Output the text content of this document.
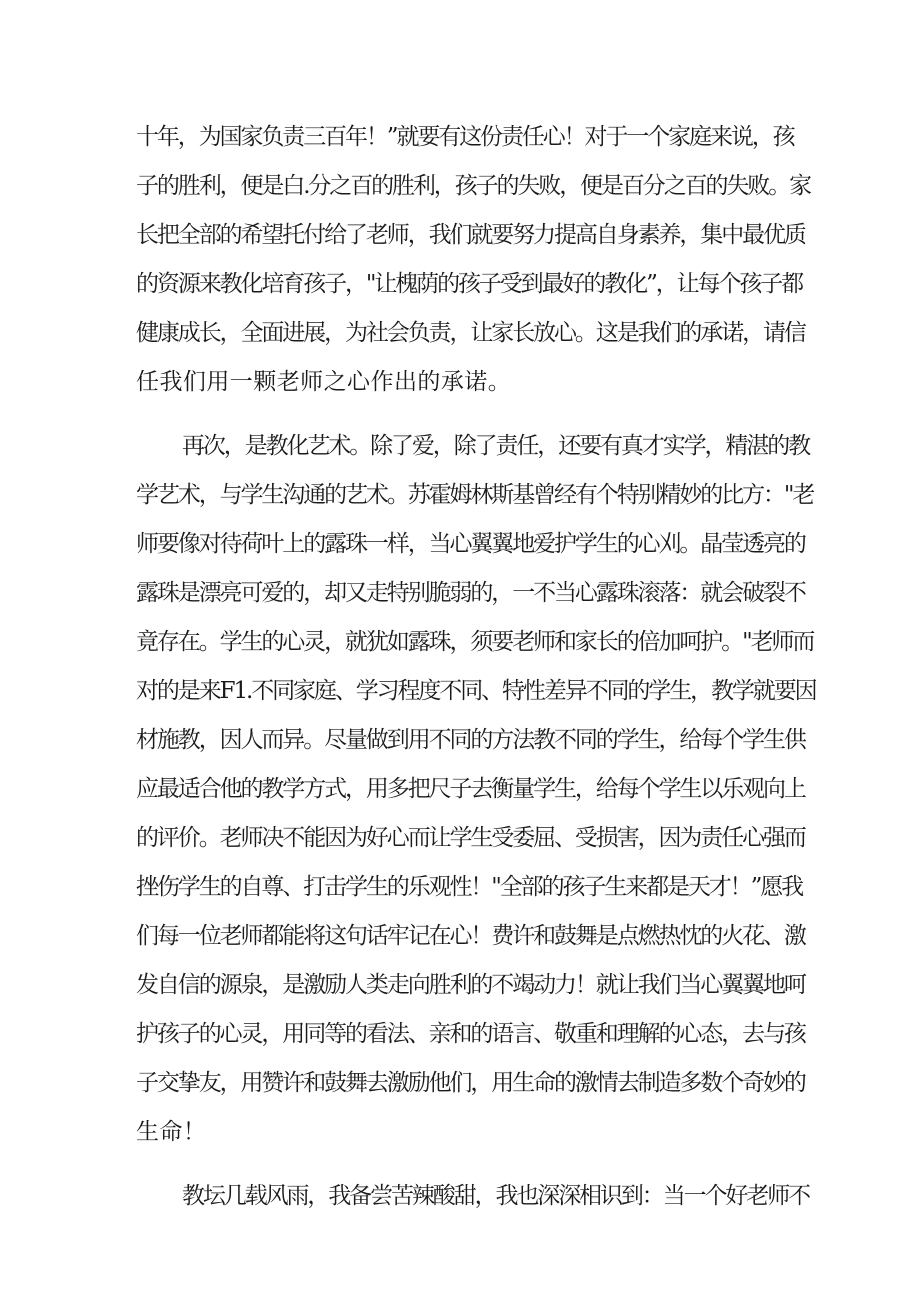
十年，为国家负责三百年！”就要有这份责任心！对于一个家庭来说，孩
子的胜利，便是白.分之百的胜利，孩子的失败，便是百分之百的失败。家
长把全部的希望托付给了老师，我们就要努力提高自身素养，集中最优质
的资源来教化培育孩子，"让槐荫的孩子受到最好的教化”，让每个孩子都
健康成长，全面进展，为社会负责，让家长放心。这是我们的承诺，请信
任我们用一颗老师之心作出的承诺。
再次，是教化艺术。除了爱，除了责任，还要有真才实学，精湛的教
学艺术，与学生沟通的艺术。苏霍姆林斯基曾经有个特别精妙的比方："老
师要像对待荷叶上的露珠一样，当心翼翼地爱护学生的心刈。晶莹透亮的
露珠是漂亮可爱的，却又走特别脆弱的，一不当心露珠滚落：就会破裂不
竟存在。学生的心灵，就犹如露珠，须要老师和家长的倍加呵护。"老师而
对的是来F1.不同家庭、学习程度不同、特性差异不同的学生，教学就要因
材施教，因人而异。尽量做到用不同的方法教不同的学生，给每个学生供
应最适合他的教学方式，用多把尺子去衡量学生，给每个学生以乐观向上
的评价。老师决不能因为好心而让学生受委屈、受损害，因为责任心强而
挫伤学生的自尊、打击学生的乐观性！"全部的孩子生来都是天才！”愿我
们每一位老师都能将这句话牢记在心！费许和鼓舞是点燃热忱的火花、激
发自信的源泉，是激励人类走向胜利的不竭动力！就让我们当心翼翼地呵
护孩子的心灵，用同等的看法、亲和的语言、敬重和理解的心态，去与孩
子交挚友，用赞许和鼓舞去激励他们，用生命的激情去制造多数个奇妙的
生命！
教坛几载风雨，我备尝苦辣酸甜，我也深深相识到：当一个好老师不
